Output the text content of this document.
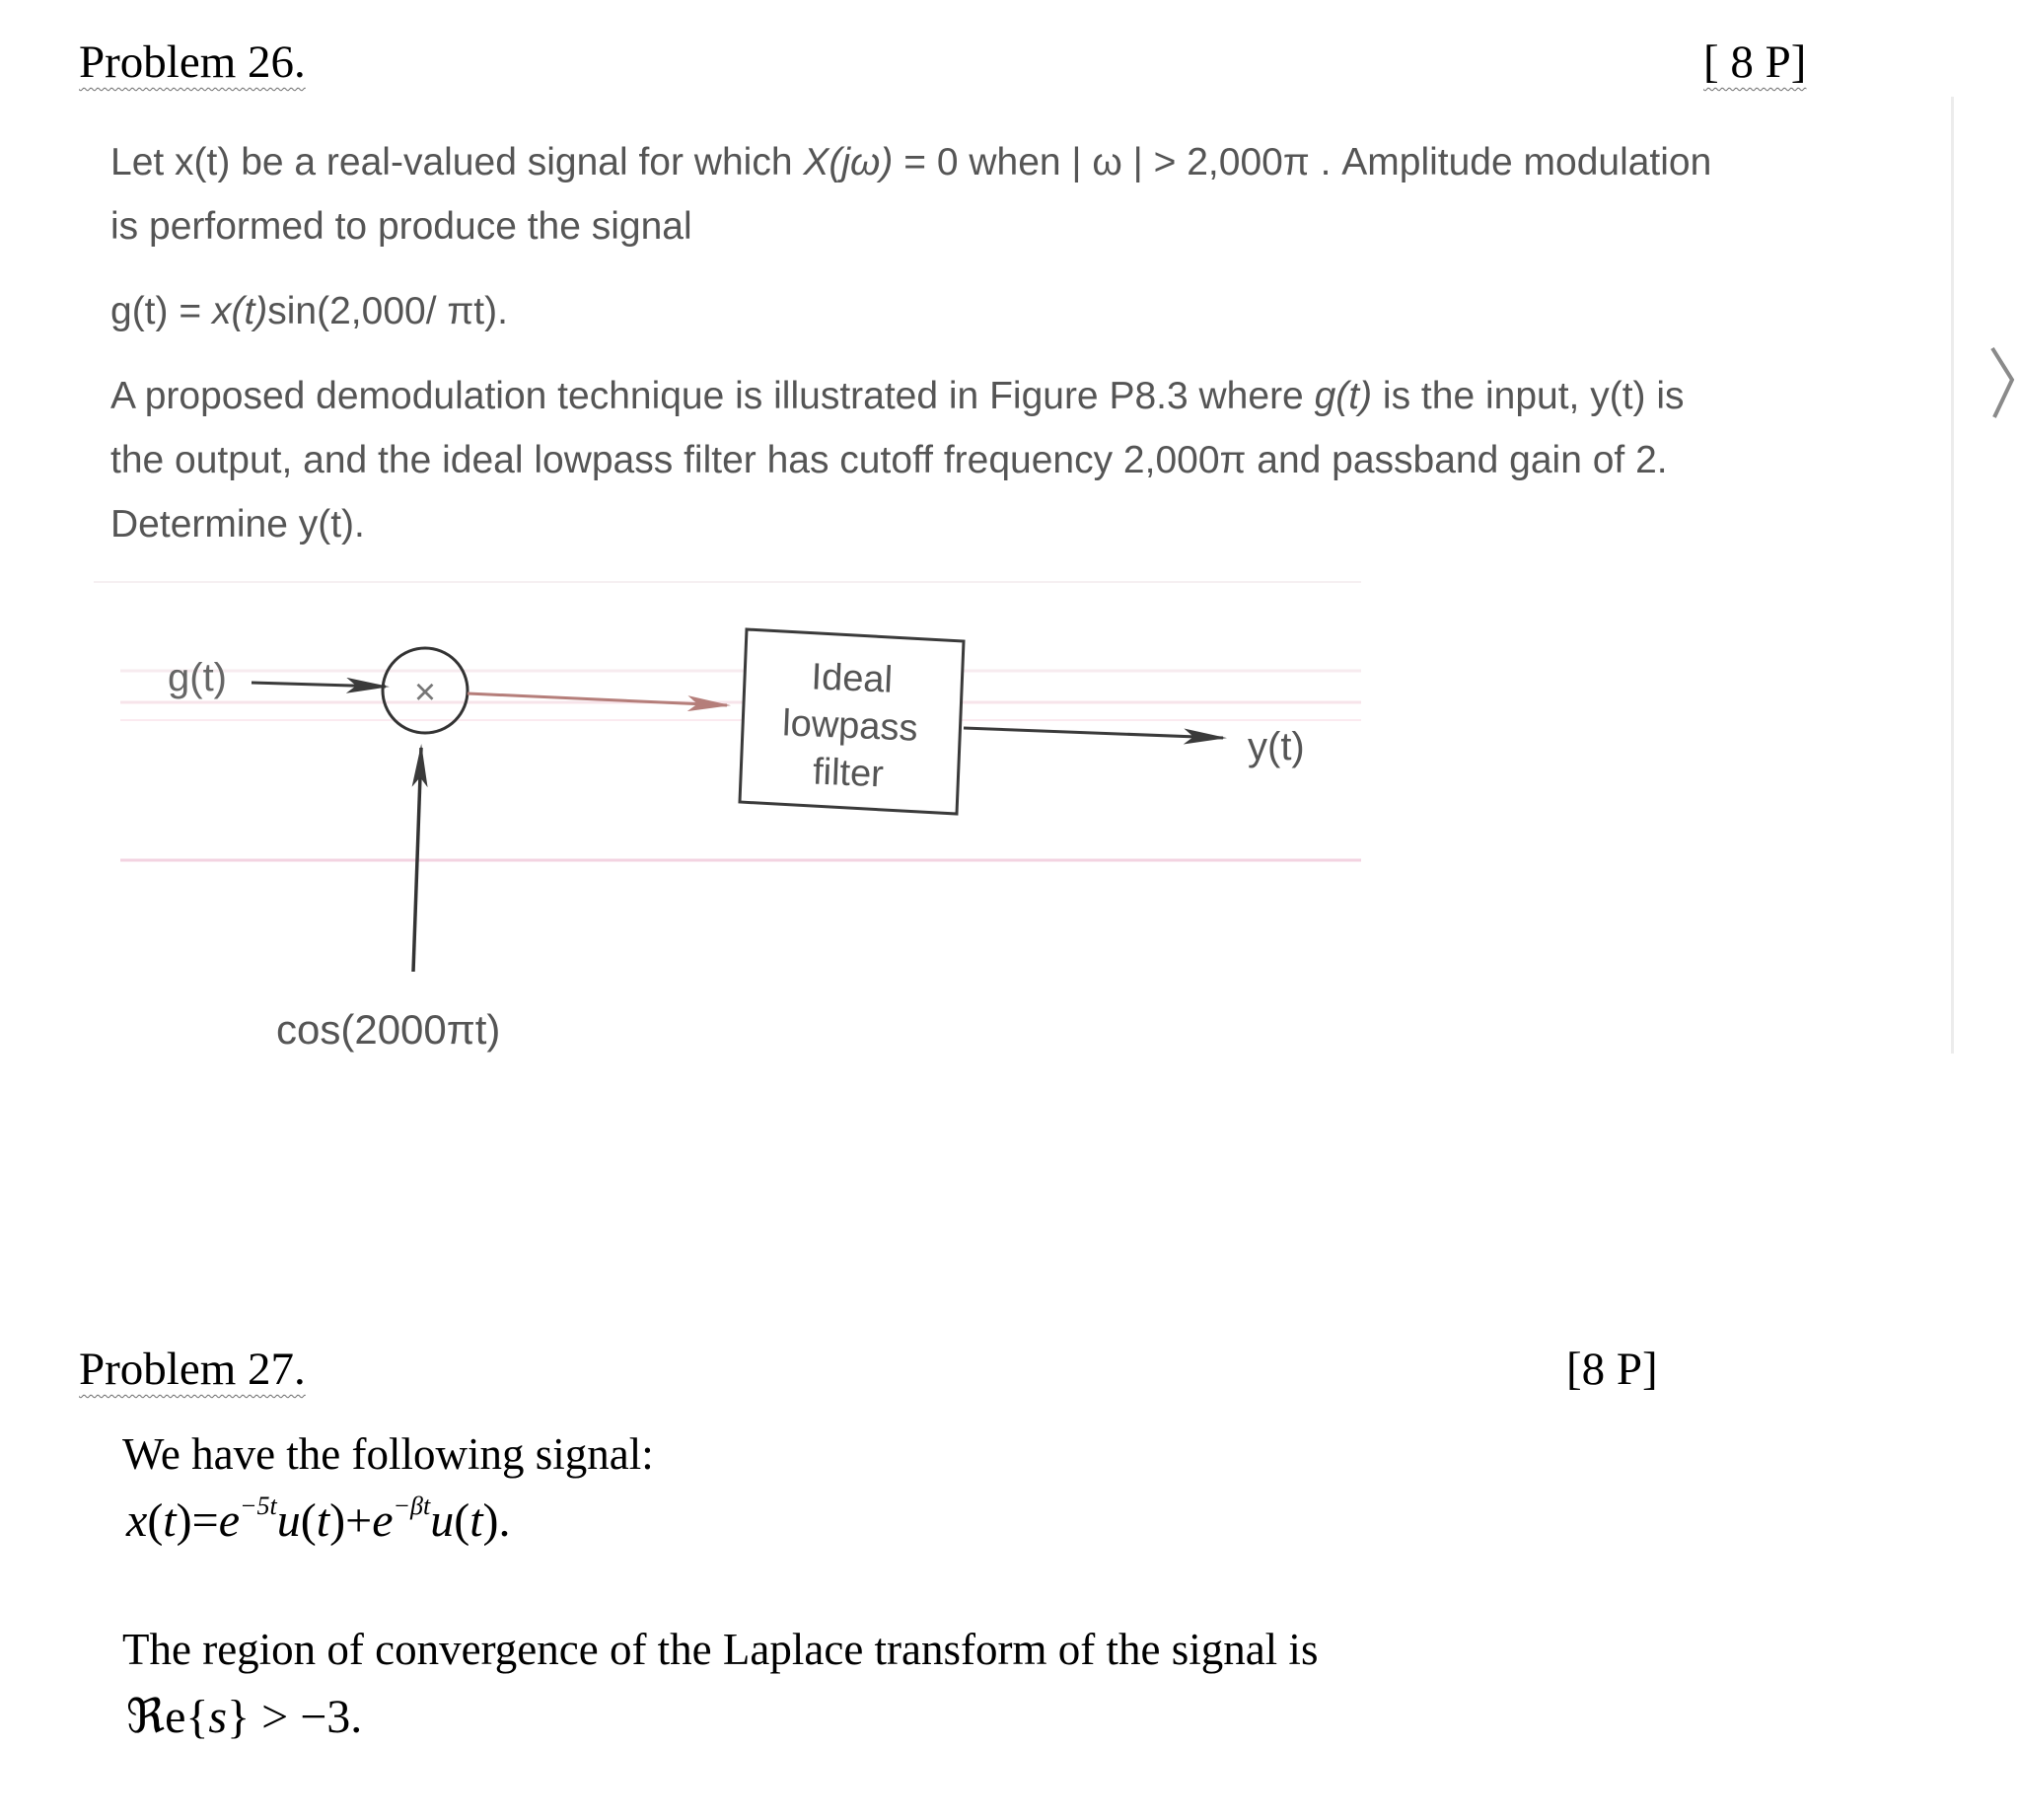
Problem 26.	[ 8 P]

Let x(t) be a real-valued signal for which X(jω) = 0 when | ω | > 2,000π . Amplitude modulation

is performed to produce the signal

g(t) = x(t)sin(2,000/ πt).

A proposed demodulation technique is illustrated in Figure P8.3 where g(t) is the input, y(t) is

the output, and the ideal lowpass filter has cutoff frequency 2,000π and passband gain of 2.

Determine y(t).

g(t)	×
cos(2000πt)
Ideal
lowpass
filter
y(t)
Problem 27.	[8 P]
We have the following signal:
$x(t)=e^{-5t}u(t)+e^{-\beta t}u(t)$.
The region of convergence of the Laplace transform of the signal is
ℜe{s} > −3.
